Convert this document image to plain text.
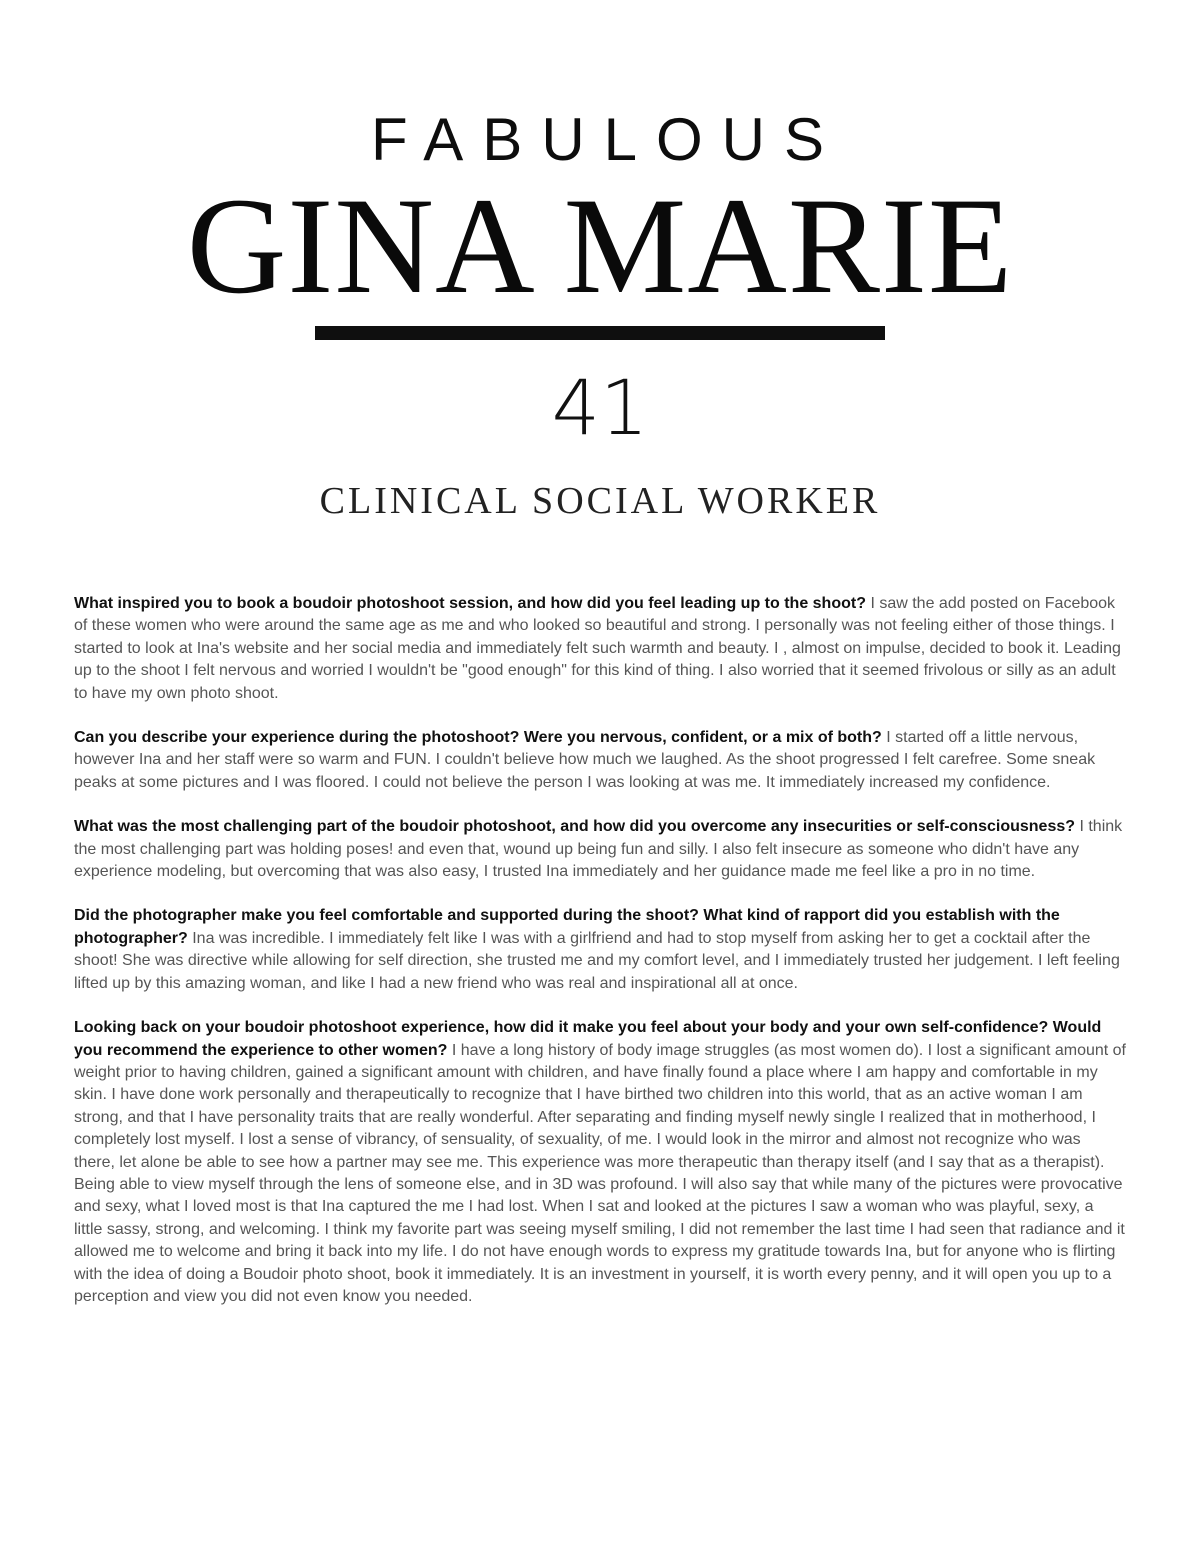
FABULOUS
GINA MARIE
41
CLINICAL SOCIAL WORKER

What inspired you to book a boudoir photoshoot session, and how did you feel leading up to the shoot? I saw the add posted on Facebook of these women who were around the same age as me and who looked so beautiful and strong. I personally was not feeling either of those things. I started to look at Ina's website and her social media and immediately felt such warmth and beauty. I , almost on impulse, decided to book it. Leading up to the shoot I felt nervous and worried I wouldn't be "good enough" for this kind of thing. I also worried that it seemed frivolous or silly as an adult to have my own photo shoot.

Can you describe your experience during the photoshoot? Were you nervous, confident, or a mix of both? I started off a little nervous, however Ina and her staff were so warm and FUN. I couldn't believe how much we laughed. As the shoot progressed I felt carefree. Some sneak peaks at some pictures and I was floored. I could not believe the person I was looking at was me. It immediately increased my confidence.

What was the most challenging part of the boudoir photoshoot, and how did you overcome any insecurities or self-consciousness? I think the most challenging part was holding poses! and even that, wound up being fun and silly. I also felt insecure as someone who didn't have any experience modeling, but overcoming that was also easy, I trusted Ina immediately and her guidance made me feel like a pro in no time.

Did the photographer make you feel comfortable and supported during the shoot? What kind of rapport did you establish with the photographer? Ina was incredible. I immediately felt like I was with a girlfriend and had to stop myself from asking her to get a cocktail after the shoot! She was directive while allowing for self direction, she trusted me and my comfort level, and I immediately trusted her judgement. I left feeling lifted up by this amazing woman, and like I had a new friend who was real and inspirational all at once.

Looking back on your boudoir photoshoot experience, how did it make you feel about your body and your own self-confidence? Would you recommend the experience to other women? I have a long history of body image struggles (as most women do). I lost a significant amount of weight prior to having children, gained a significant amount with children, and have finally found a place where I am happy and comfortable in my skin. I have done work personally and therapeutically to recognize that I have birthed two children into this world, that as an active woman I am strong, and that I have personality traits that are really wonderful. After separating and finding myself newly single I realized that in motherhood, I completely lost myself. I lost a sense of vibrancy, of sensuality, of sexuality, of me. I would look in the mirror and almost not recognize who was there, let alone be able to see how a partner may see me. This experience was more therapeutic than therapy itself (and I say that as a therapist). Being able to view myself through the lens of someone else, and in 3D was profound. I will also say that while many of the pictures were provocative and sexy, what I loved most is that Ina captured the me I had lost. When I sat and looked at the pictures I saw a woman who was playful, sexy, a little sassy, strong, and welcoming. I think my favorite part was seeing myself smiling, I did not remember the last time I had seen that radiance and it allowed me to welcome and bring it back into my life. I do not have enough words to express my gratitude towards Ina, but for anyone who is flirting with the idea of doing a Boudoir photo shoot, book it immediately. It is an investment in yourself, it is worth every penny, and it will open you up to a perception and view you did not even know you needed.
